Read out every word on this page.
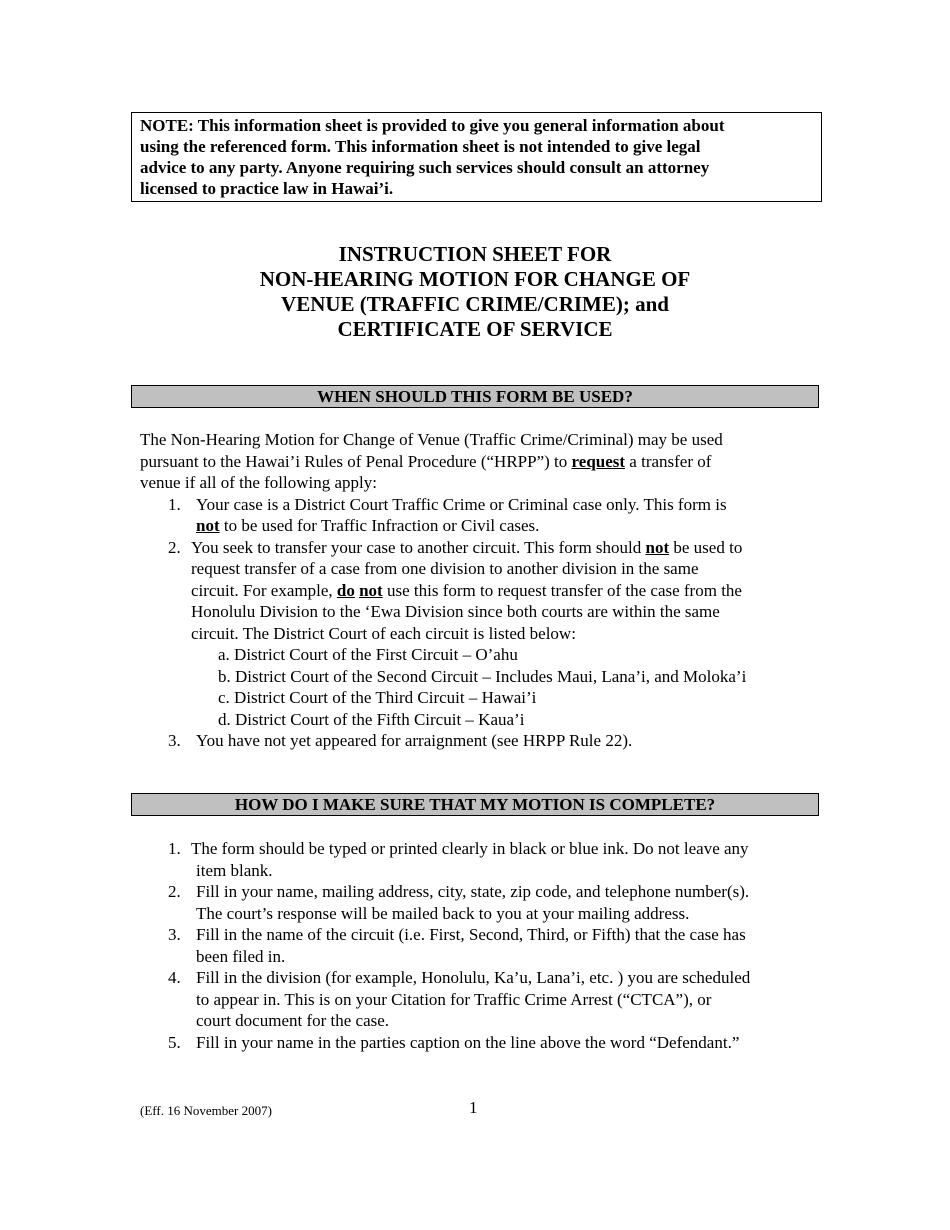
NOTE: This information sheet is provided to give you general information about
using the referenced form. This information sheet is not intended to give legal
advice to any party. Anyone requiring such services should consult an attorney
licensed to practice law in Hawai’i.
INSTRUCTION SHEET FOR
NON-HEARING MOTION FOR CHANGE OF
VENUE (TRAFFIC CRIME/CRIME); and
CERTIFICATE OF SERVICE
WHEN SHOULD THIS FORM BE USED?
The Non-Hearing Motion for Change of Venue (Traffic Crime/Criminal) may be used
pursuant to the Hawai’i Rules of Penal Procedure (“HRPP”) to request a transfer of
venue if all of the following apply:
1. Your case is a District Court Traffic Crime or Criminal case only. This form is
not to be used for Traffic Infraction or Civil cases.
2. You seek to transfer your case to another circuit. This form should not be used to
request transfer of a case from one division to another division in the same
circuit. For example, do not use this form to request transfer of the case from the
Honolulu Division to the ‘Ewa Division since both courts are within the same
circuit. The District Court of each circuit is listed below:
a. District Court of the First Circuit – O’ahu
b. District Court of the Second Circuit – Includes Maui, Lana’i, and Moloka’i
c. District Court of the Third Circuit – Hawai’i
d. District Court of the Fifth Circuit – Kaua’i
3. You have not yet appeared for arraignment (see HRPP Rule 22).
HOW DO I MAKE SURE THAT MY MOTION IS COMPLETE?
1. The form should be typed or printed clearly in black or blue ink. Do not leave any
item blank.
2. Fill in your name, mailing address, city, state, zip code, and telephone number(s).
The court’s response will be mailed back to you at your mailing address.
3. Fill in the name of the circuit (i.e. First, Second, Third, or Fifth) that the case has
been filed in.
4. Fill in the division (for example, Honolulu, Ka’u, Lana’i, etc. ) you are scheduled
to appear in. This is on your Citation for Traffic Crime Arrest (“CTCA”), or
court document for the case.
5. Fill in your name in the parties caption on the line above the word “Defendant.”
(Eff. 16 November 2007)	1
